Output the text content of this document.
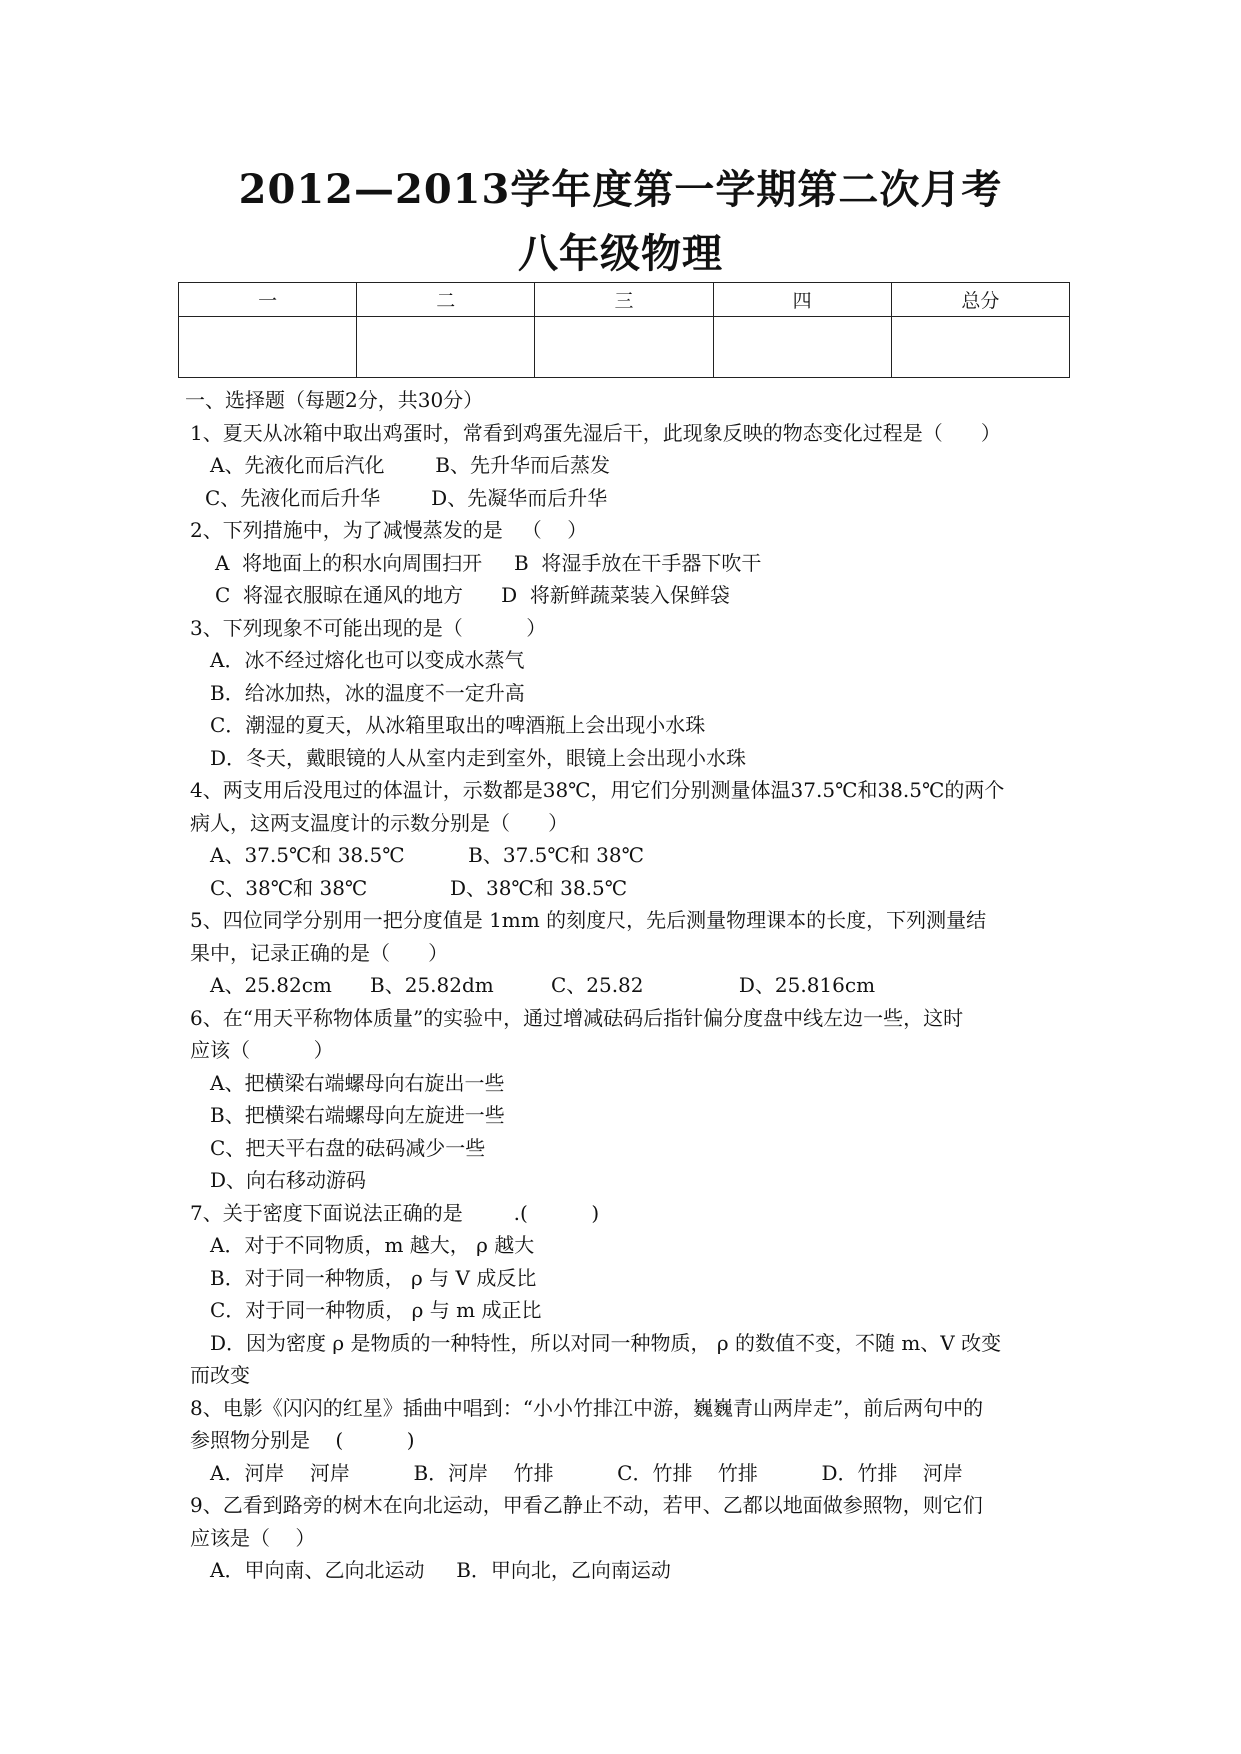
2012—2013学年度第一学期第二次月考
八年级物理
一	二	三	四	总分

一、选择题（每题2分，共30分）
1、夏天从冰箱中取出鸡蛋时，常看到鸡蛋先湿后干，此现象反映的物态变化过程是（      ）
A、先液化而后汽化        B、先升华而后蒸发
C、先液化而后升华        D、先凝华而后升华
2、下列措施中，为了减慢蒸发的是   （    ）
A  将地面上的积水向周围扫开     B  将湿手放在干手器下吹干
C  将湿衣服晾在通风的地方      D  将新鲜蔬菜装入保鲜袋
3、下列现象不可能出现的是（          ）
A．冰不经过熔化也可以变成水蒸气
B．给冰加热，冰的温度不一定升高
C．潮湿的夏天，从冰箱里取出的啤酒瓶上会出现小水珠
D．冬天，戴眼镜的人从室内走到室外，眼镜上会出现小水珠
4、两支用后没甩过的体温计，示数都是38℃，用它们分别测量体温37.5℃和38.5℃的两个
病人，这两支温度计的示数分别是（      ）
A、37.5℃和 38.5℃          B、37.5℃和 38℃
C、38℃和 38℃             D、38℃和 38.5℃
5、四位同学分别用一把分度值是 1mm 的刻度尺，先后测量物理课本的长度，下列测量结
果中，记录正确的是（      ）
A、25.82cm      B、25.82dm         C、25.82               D、25.816cm
6、在“用天平称物体质量”的实验中，通过增减砝码后指针偏分度盘中线左边一些，这时
应该（          ）
A、把横梁右端螺母向右旋出一些
B、把横梁右端螺母向左旋进一些
C、把天平右盘的砝码减少一些
D、向右移动游码
7、关于密度下面说法正确的是        .(          )
A．对于不同物质，m 越大， ρ 越大
B．对于同一种物质， ρ 与 V 成反比
C．对于同一种物质， ρ 与 m 成正比
D．因为密度 ρ 是物质的一种特性，所以对同一种物质， ρ 的数值不变，不随 m、V 改变
而改变
8、电影《闪闪的红星》插曲中唱到：“小小竹排江中游，巍巍青山两岸走”，前后两句中的
参照物分别是    (          )
A．河岸    河岸          B．河岸    竹排          C．竹排    竹排          D．竹排    河岸
9、乙看到路旁的树木在向北运动，甲看乙静止不动，若甲、乙都以地面做参照物，则它们
应该是（    ）
A．甲向南、乙向北运动     B．甲向北，乙向南运动
